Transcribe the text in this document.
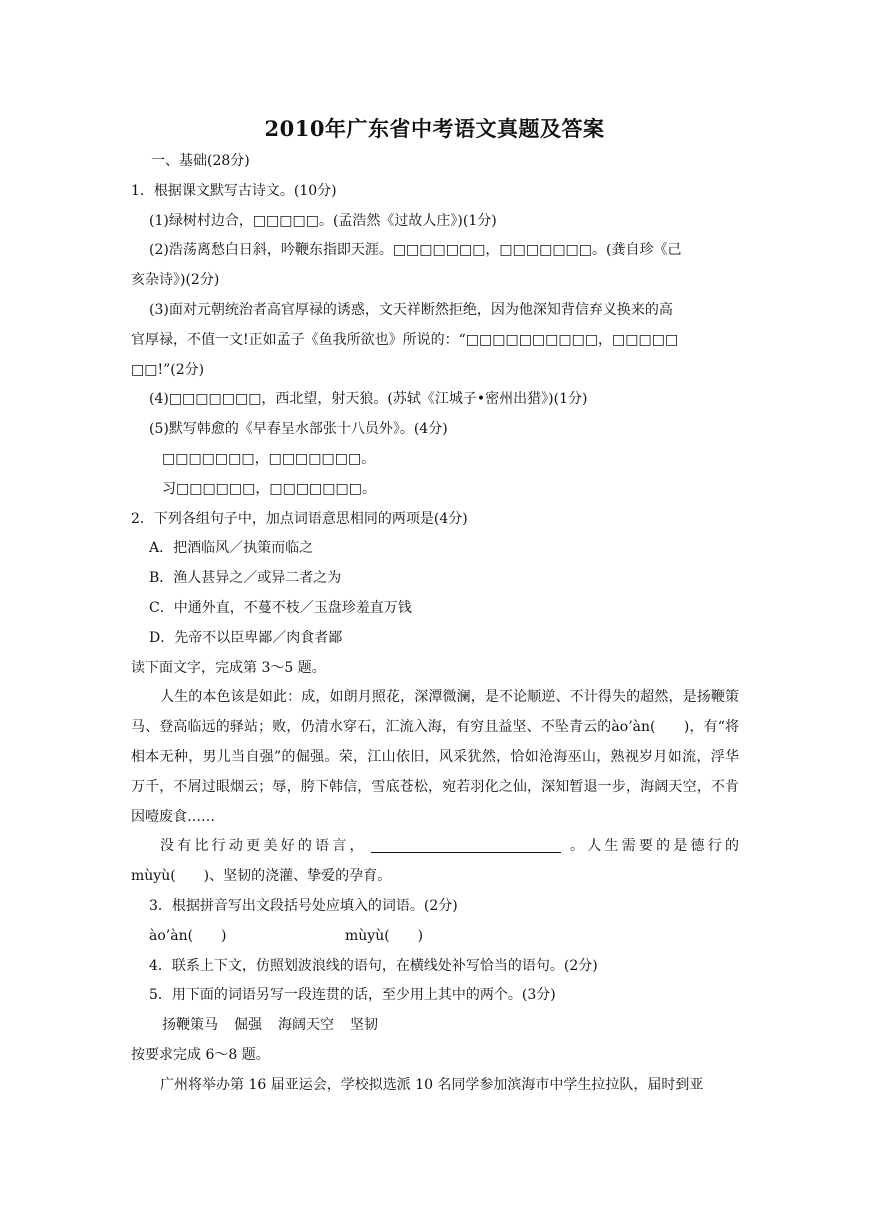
2010年广东省中考语文真题及答案
一、基础(28分)
1．根据课文默写古诗文。(10分)
(1)绿树村边合，□□□□□。(孟浩然《过故人庄》)(1分)
(2)浩荡离愁白日斜，吟鞭东指即天涯。□□□□□□□，□□□□□□□。(龚自珍《己
亥杂诗》)(2分)
(3)面对元朝统治者高官厚禄的诱惑，文天祥断然拒绝，因为他深知背信弃义换来的高
官厚禄，不值一文!正如孟子《鱼我所欲也》所说的：“□□□□□□□□□□，□□□□□
□□!”(2分)
(4)□□□□□□□，西北望，射天狼。(苏轼《江城子•密州出猎》)(1分)
(5)默写韩愈的《早春呈水部张十八员外》。(4分)
□□□□□□□，□□□□□□□。
习□□□□□□，□□□□□□□。
2．下列各组句子中，加点词语意思相同的两项是(4分)
A．把酒临风／执策而临之
B．渔人甚异之／或异二者之为
C．中通外直，不蔓不枝／玉盘珍羞直万钱
D．先帝不以臣卑鄙／肉食者鄙
读下面文字，完成第 3～5 题。
人生的本色该是如此：成，如朗月照花，深潭微澜，是不论顺逆、不计得失的超然，是扬鞭策马、登高临远的驿站；败，仍清水穿石，汇流入海，有穷且益坚、不坠青云的ào’àn(　　)，有“将相本无种，男儿当自强”的倔强。荣，江山依旧，风采犹然，恰如沧海巫山，熟视岁月如流，浮华万千，不屑过眼烟云；辱，胯下韩信，雪底苍松，宛若羽化之仙，深知暂退一步，海阔天空，不肯因噎废食……
没有比行动更美好的语言，	。人生需要的是德行的mùyù(　　)、坚韧的浇灌、挚爱的孕育。
3．根据拼音写出文段括号处应填入的词语。(2分)
ào’àn(　　)	mùyù(　　)
4．联系上下文，仿照划波浪线的语句，在横线处补写恰当的语句。(2分)
5．用下面的词语另写一段连贯的话，至少用上其中的两个。(3分)
扬鞭策马 倔强 海阔天空 坚韧
按要求完成 6～8 题。
广州将举办第 16 届亚运会，学校拟选派 10 名同学参加滨海市中学生拉拉队，届时到亚
